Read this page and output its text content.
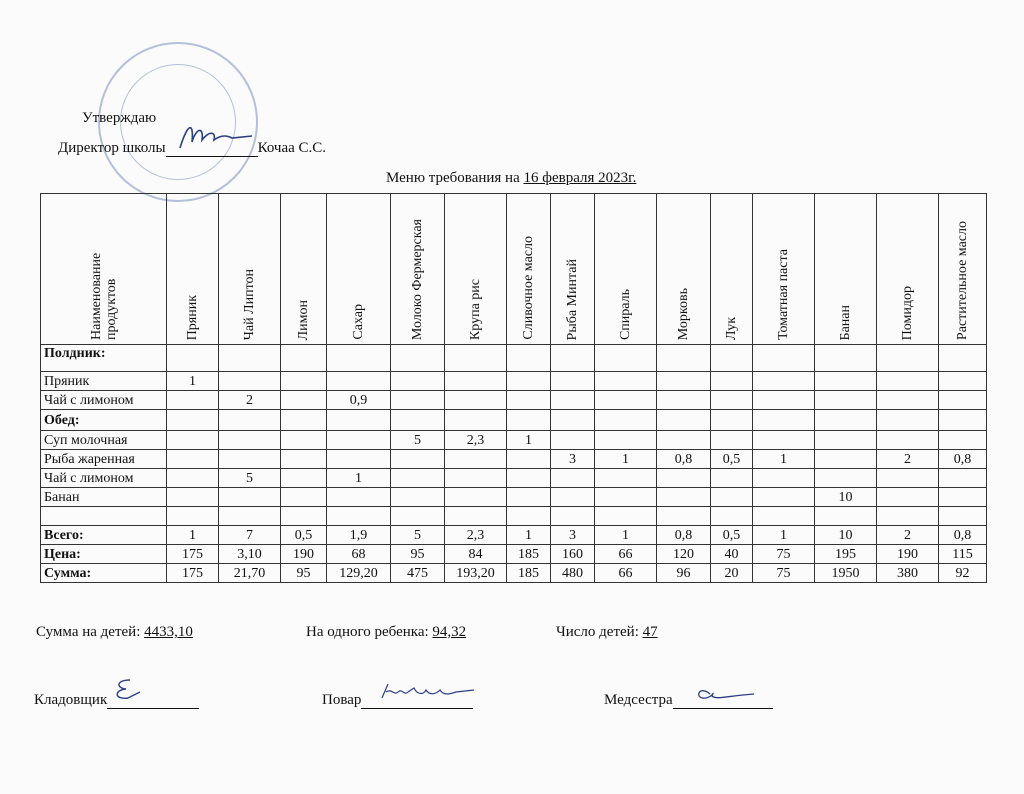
Утверждаю
Директор школы	Кочаа С.С.
Меню требования на 16 февраля 2023г.
Наименование продуктов	Пряник	Чай Липтон	Лимон	Сахар	Молоко Фермерская	Крупа рис	Сливочное масло	Рыба Минтай	Спираль	Морковь	Лук	Томатная паста	Банан	Помидор	Растительное масло

Полдник:															
Пряник	1														
Чай с лимоном		2		0,9											
Обед:															
Суп молочная					5	2,3	1								
Рыба жаренная								3	1	0,8	0,5	1		2	0,8
Чай с лимоном		5		1											
Банан													10		

Всего:	1	7	0,5	1,9	5	2,3	1	3	1	0,8	0,5	1	10	2	0,8
Цена:	175	3,10	190	68	95	84	185	160	66	120	40	75	195	190	115
Сумма:	175	21,70	95	129,20	475	193,20	185	480	66	96	20	75	1950	380	92
Сумма на детей: 4433,10	На одного ребенка: 94,32	Число детей: 47
Кладовщик	Повар	Медсестра
